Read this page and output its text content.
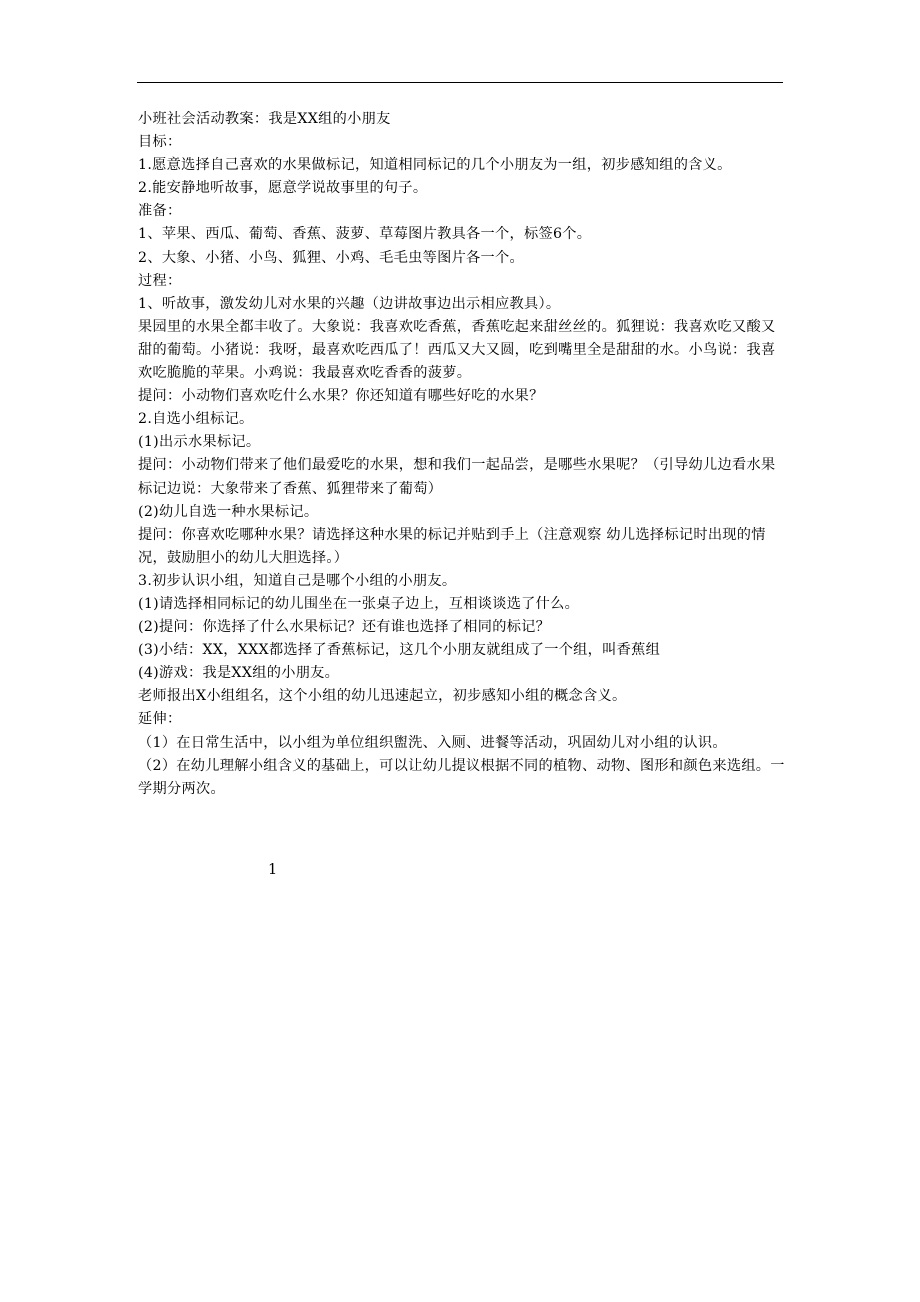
小班社会活动教案：我是XX组的小朋友

目标：

1.愿意选择自己喜欢的水果做标记，知道相同标记的几个小朋友为一组，初步感知组的含义。

2.能安静地听故事，愿意学说故事里的句子。

准备：

1、苹果、西瓜、葡萄、香蕉、菠萝、草莓图片教具各一个，标签6个。

2、大象、小猪、小鸟、狐狸、小鸡、毛毛虫等图片各一个。

过程：

1、听故事，激发幼儿对水果的兴趣（边讲故事边出示相应教具）。

果园里的水果全都丰收了。大象说：我喜欢吃香蕉，香蕉吃起来甜丝丝的。狐狸说：我喜欢吃又酸又甜的葡萄。小猪说：我呀，最喜欢吃西瓜了！西瓜又大又圆，吃到嘴里全是甜甜的水。小鸟说：我喜欢吃脆脆的苹果。小鸡说：我最喜欢吃香香的菠萝。

提问：小动物们喜欢吃什么水果？你还知道有哪些好吃的水果？

2.自选小组标记。

(1)出示水果标记。

提问：小动物们带来了他们最爱吃的水果，想和我们一起品尝，是哪些水果呢？（引导幼儿边看水果标记边说：大象带来了香蕉、狐狸带来了葡萄）

(2)幼儿自选一种水果标记。

提问：你喜欢吃哪种水果？请选择这种水果的标记并贴到手上（注意观察 幼儿选择标记时出现的情况，鼓励胆小的幼儿大胆选择。）

3.初步认识小组，知道自己是哪个小组的小朋友。

(1)请选择相同标记的幼儿围坐在一张桌子边上，互相谈谈选了什么。

(2)提问：你选择了什么水果标记？还有谁也选择了相同的标记？

(3)小结：XX，XXX都选择了香蕉标记，这几个小朋友就组成了一个组，叫香蕉组

(4)游戏：我是XX组的小朋友。

老师报出X小组组名，这个小组的幼儿迅速起立，初步感知小组的概念含义。

延伸：

（1）在日常生活中，以小组为单位组织盥洗、入厕、进餐等活动，巩固幼儿对小组的认识。

（2）在幼儿理解小组含义的基础上，可以让幼儿提议根据不同的植物、动物、图形和颜色来选组。一学期分两次。

1
